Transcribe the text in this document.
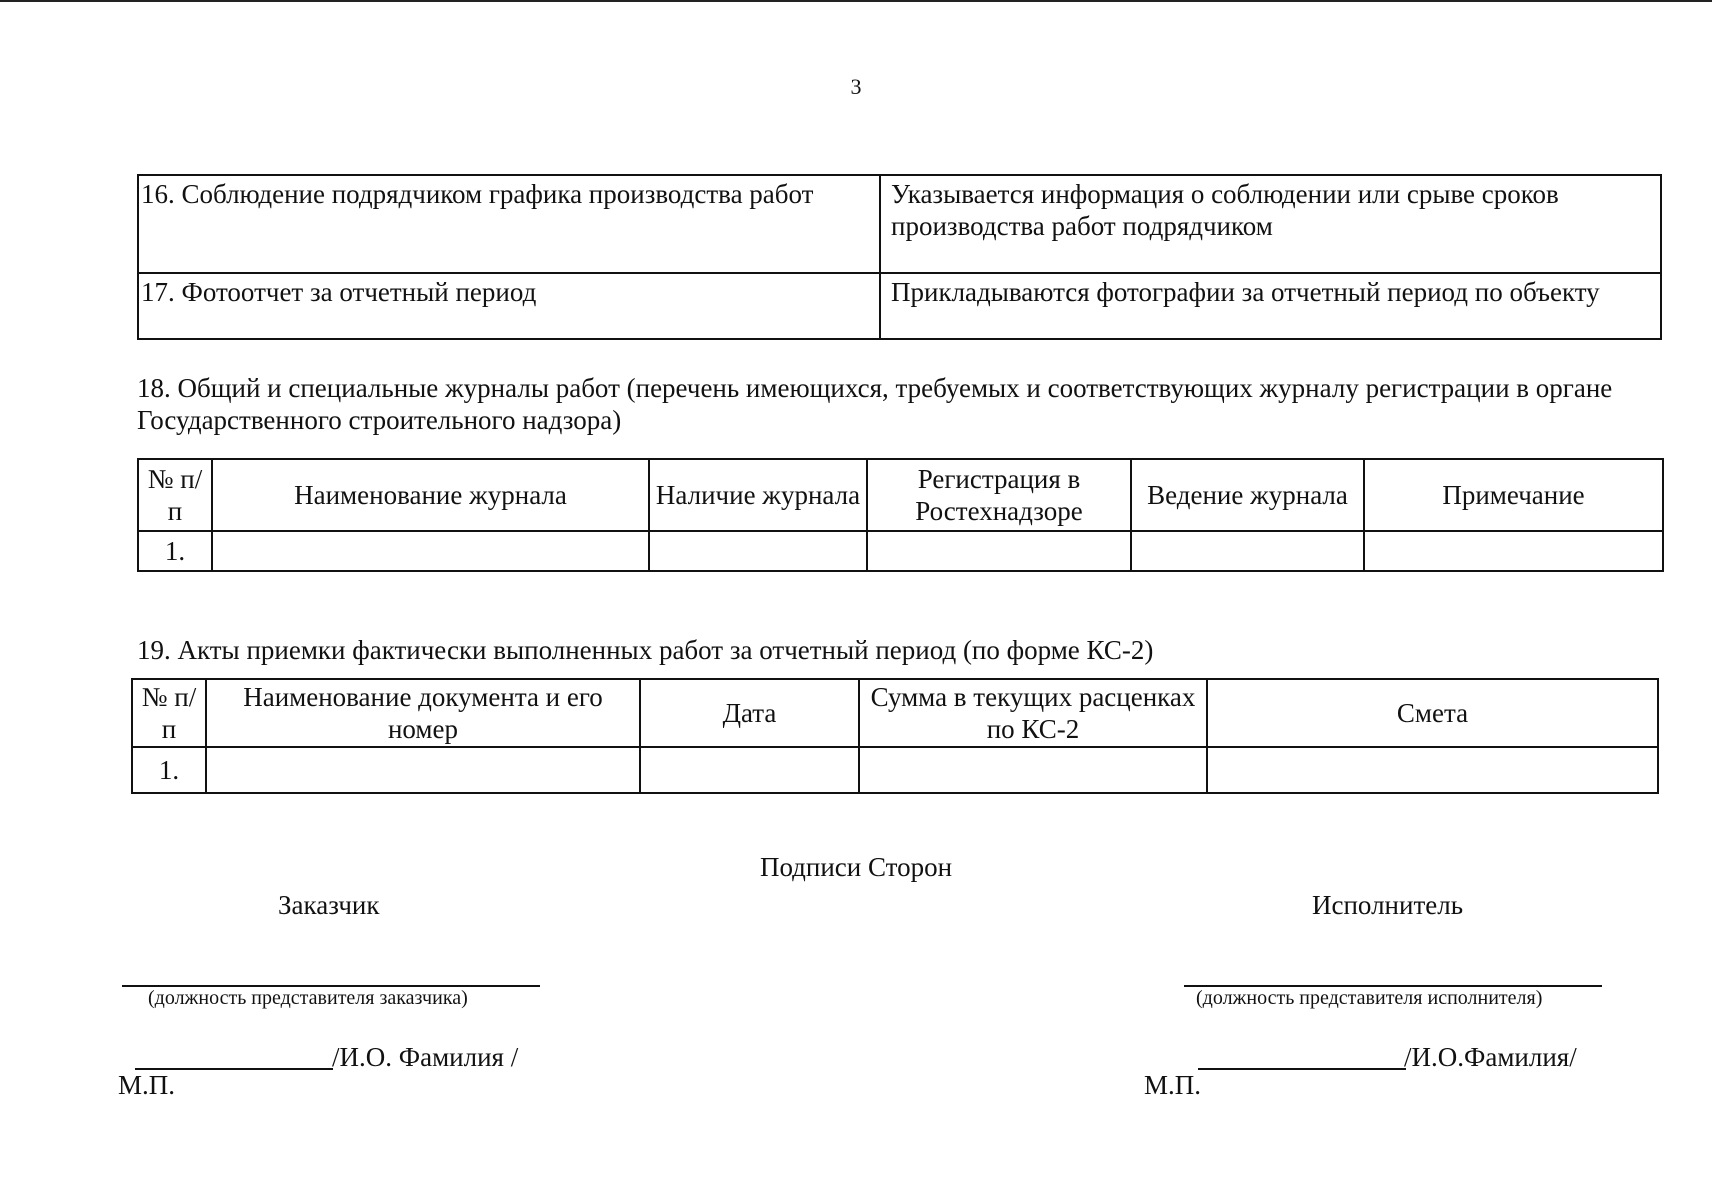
3
16. Соблюдение подрядчиком графика производства работ	Указывается информация о соблюдении или срыве сроков производства работ подрядчиком
17. Фотоотчет за отчетный период	Прикладываются фотографии за отчетный период по объекту
18. Общий и специальные журналы работ (перечень имеющихся, требуемых и соответствующих журналу регистрации в органе Государственного строительного надзора)
№ п/п	Наименование журнала	Наличие журнала	Регистрация в Ростехнадзоре	Ведение журнала	Примечание
1.					
19. Акты приемки фактически выполненных работ за отчетный период (по форме КС-2)
№ п/п	Наименование документа и его номер	Дата	Сумма в текущих расценках по КС-2	Смета
1.				
Подписи Сторон
Заказчик	Исполнитель
(должность представителя заказчика)	(должность представителя исполнителя)
/И.О. Фамилия /
М.П.
/И.О.Фамилия/
М.П.
